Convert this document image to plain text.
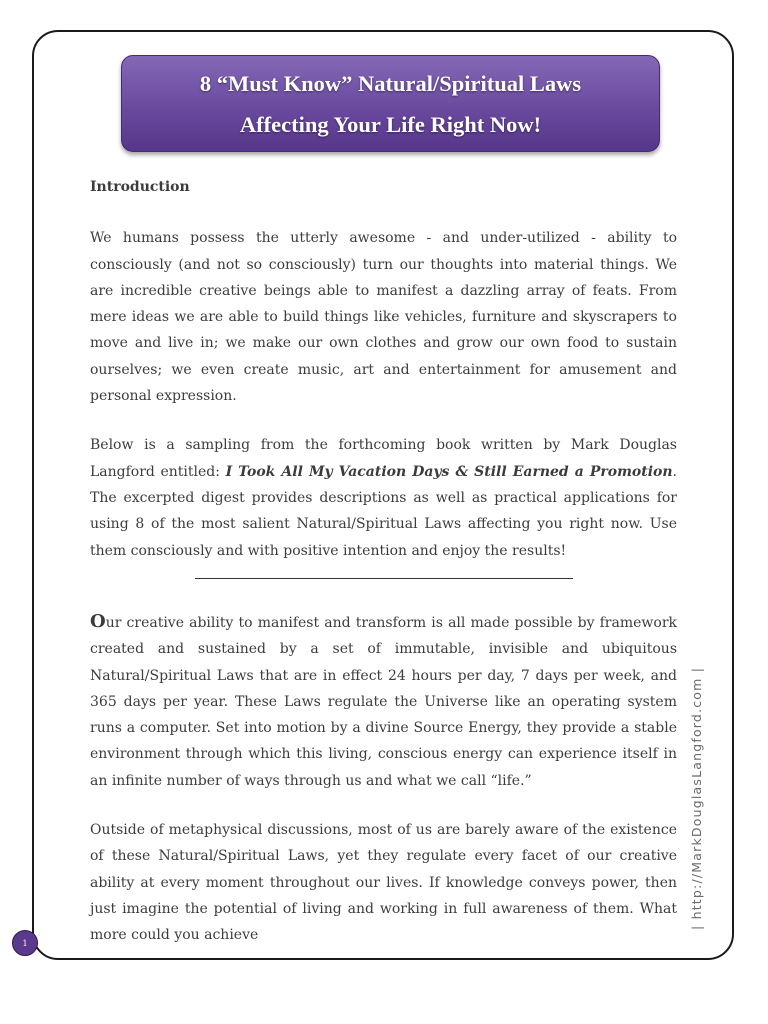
8 “Must Know” Natural/Spiritual Laws
Affecting Your Life Right Now!

Introduction

We humans possess the utterly awesome - and under-utilized - ability to consciously (and not so consciously) turn our thoughts into material things. We are incredible creative beings able to manifest a dazzling array of feats. From mere ideas we are able to build things like vehicles, furniture and skyscrapers to move and live in; we make our own clothes and grow our own food to sustain ourselves; we even create music, art and entertainment for amusement and personal expression.

Below is a sampling from the forthcoming book written by Mark Douglas Langford entitled: I Took All My Vacation Days & Still Earned a Promotion. The excerpted digest provides descriptions as well as practical applications for using 8 of the most salient Natural/Spiritual Laws affecting you right now. Use them consciously and with positive intention and enjoy the results!

Our creative ability to manifest and transform is all made possible by framework created and sustained by a set of immutable, invisible and ubiquitous Natural/Spiritual Laws that are in effect 24 hours per day, 7 days per week, and 365 days per year. These Laws regulate the Universe like an operating system runs a computer. Set into motion by a divine Source Energy, they provide a stable environment through which this living, conscious energy can experience itself in an infinite number of ways through us and what we call “life.”

Outside of metaphysical discussions, most of us are barely aware of the existence of these Natural/Spiritual Laws, yet they regulate every facet of our creative ability at every moment throughout our lives. If knowledge conveys power, then just imagine the potential of living and working in full awareness of them. What more could you achieve

| http://MarkDouglasLangford.com |
1
